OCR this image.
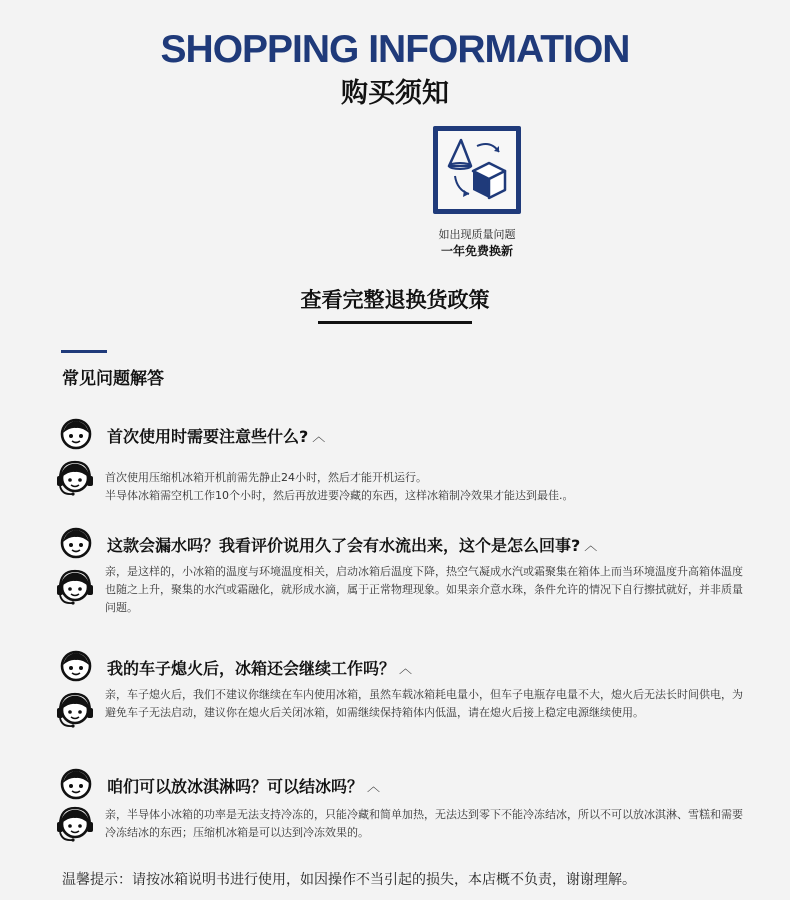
SHOPPING INFORMATION
购买须知
如出现质量问题
一年免费换新
查看完整退换货政策
常见问题解答
首次使用时需要注意些什么? ︿
首次使用压缩机冰箱开机前需先静止24小时，然后才能开机运行。
半导体冰箱需空机工作10个小时，然后再放进要冷藏的东西，这样冰箱制冷效果才能达到最佳.。
这款会漏水吗？我看评价说用久了会有水流出来，这个是怎么回事? ︿
亲，是这样的，小冰箱的温度与环境温度相关，启动冰箱后温度下降，热空气凝成水汽或霜聚集在箱体上而当环境温度升高箱体温度也随之上升，聚集的水汽或霜融化，就形成水滴，属于正常物理现象。如果亲介意水珠，条件允许的情况下自行擦拭就好，并非质量问题。
我的车子熄火后，冰箱还会继续工作吗？ ︿
亲，车子熄火后，我们不建议你继续在车内使用冰箱，虽然车载冰箱耗电量小，但车子电瓶存电量不大，熄火后无法长时间供电，为避免车子无法启动，建议你在熄火后关闭冰箱，如需继续保持箱体内低温，请在熄火后接上稳定电源继续使用。
咱们可以放冰淇淋吗？可以结冰吗？ ︿
亲，半导体小冰箱的功率是无法支持冷冻的，只能冷藏和简单加热，无法达到零下不能冷冻结冰，所以不可以放冰淇淋、雪糕和需要冷冻结冰的东西；压缩机冰箱是可以达到冷冻效果的。
温馨提示：请按冰箱说明书进行使用，如因操作不当引起的损失，本店概不负责，谢谢理解。
